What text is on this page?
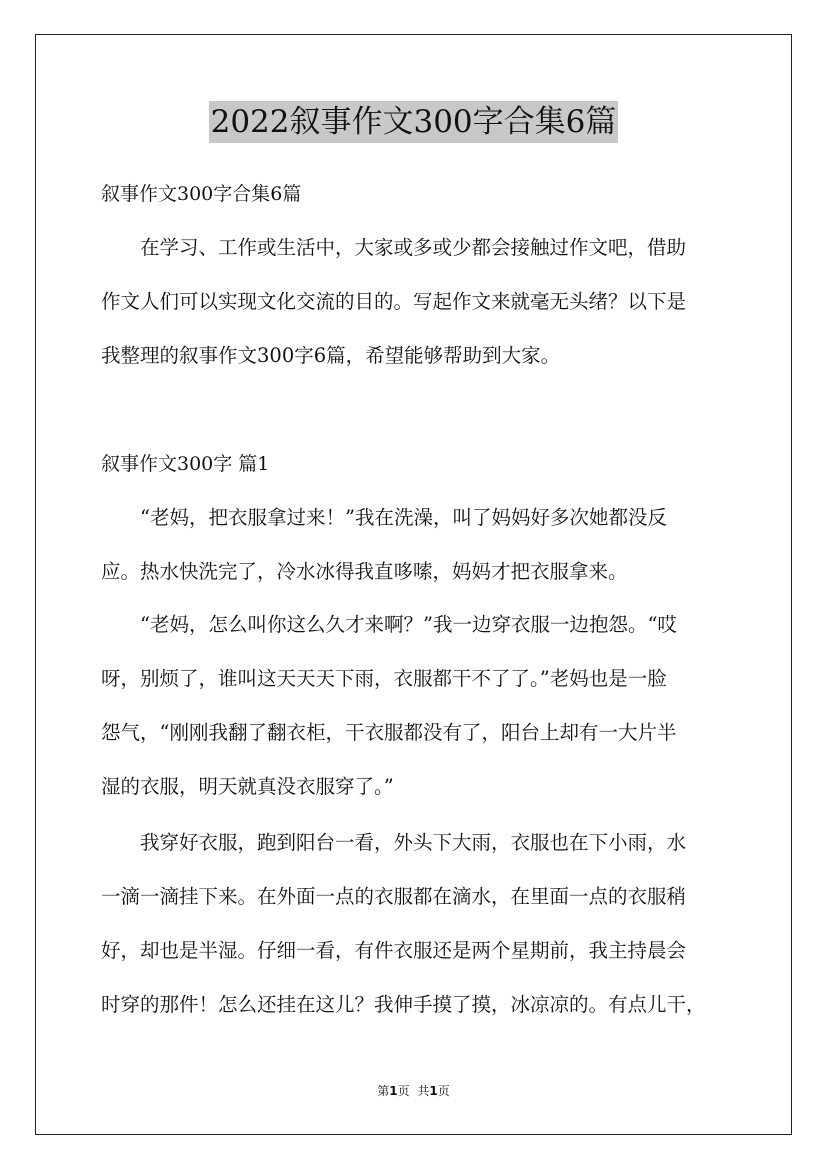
2022叙事作文300字合集6篇
叙事作文300字合集6篇
在学习、工作或生活中，大家或多或少都会接触过作文吧，借助
作文人们可以实现文化交流的目的。写起作文来就毫无头绪？以下是
我整理的叙事作文300字6篇，希望能够帮助到大家。
叙事作文300字 篇1
“老妈，把衣服拿过来！”我在洗澡，叫了妈妈好多次她都没反
应。热水快洗完了，冷水冰得我直哆嗦，妈妈才把衣服拿来。
“老妈，怎么叫你这么久才来啊？”我一边穿衣服一边抱怨。“哎
呀，别烦了，谁叫这天天天下雨，衣服都干不了了。”老妈也是一脸
怨气，“刚刚我翻了翻衣柜，干衣服都没有了，阳台上却有一大片半
湿的衣服，明天就真没衣服穿了。”
我穿好衣服，跑到阳台一看，外头下大雨，衣服也在下小雨，水
一滴一滴挂下来。在外面一点的衣服都在滴水，在里面一点的衣服稍
好，却也是半湿。仔细一看，有件衣服还是两个星期前，我主持晨会
时穿的那件！怎么还挂在这儿？我伸手摸了摸，冰凉凉的。有点儿干，
第1页 共1页
